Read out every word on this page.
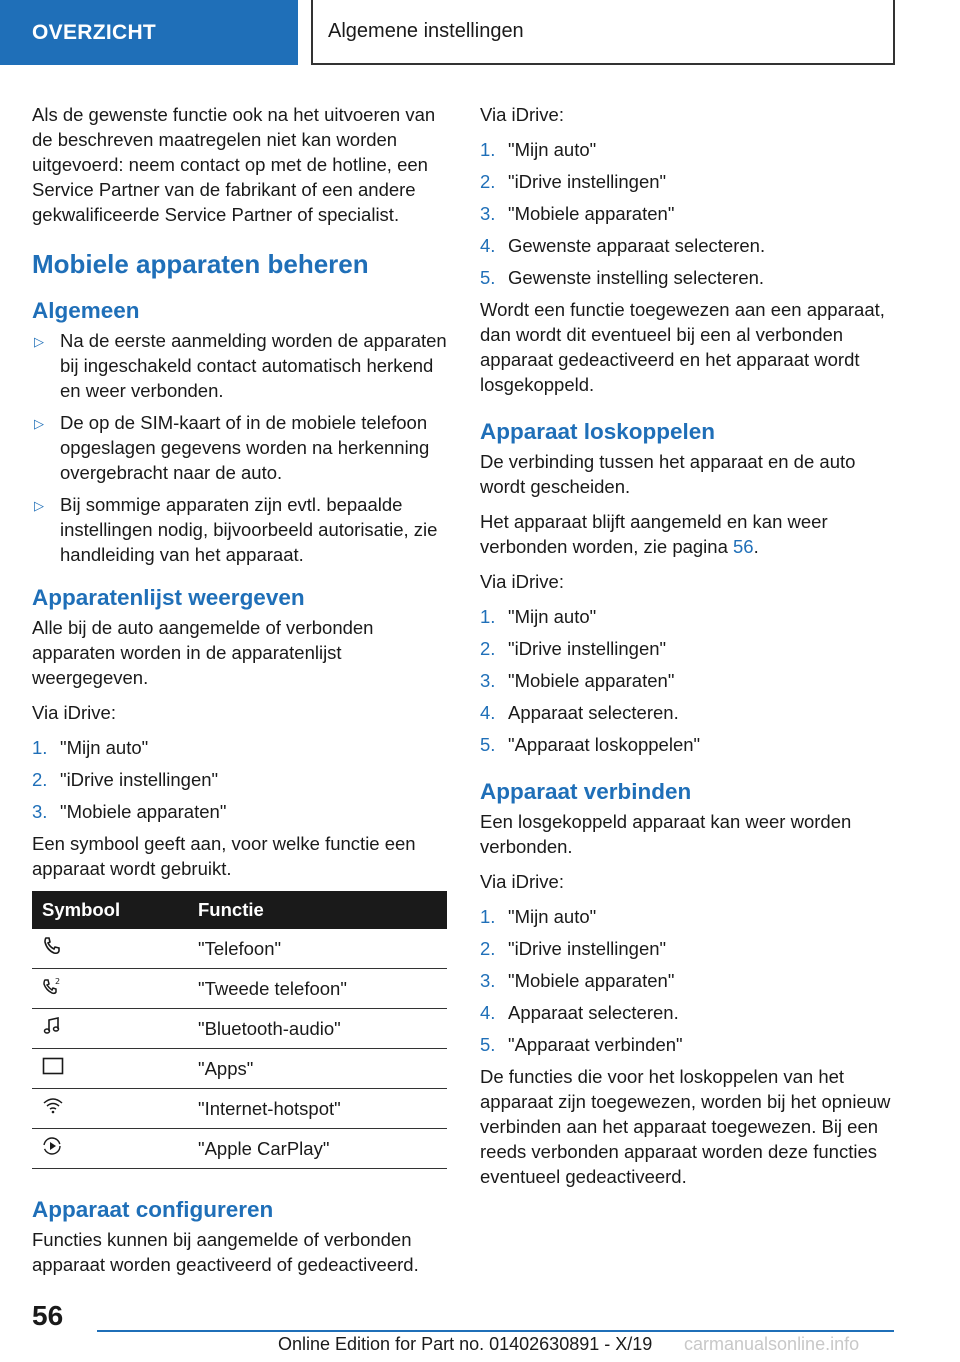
OVERZICHT	Algemene instellingen

Als de gewenste functie ook na het uitvoeren van de beschreven maatregelen niet kan worden uitgevoerd: neem contact op met de hotline, een Service Partner van de fabrikant of een andere gekwalificeerde Service Partner of specialist.

Mobiele apparaten beheren
Algemeen
▷ Na de eerste aanmelding worden de apparaten bij ingeschakeld contact automatisch herkend en weer verbonden.
▷ De op de SIM-kaart of in de mobiele telefoon opgeslagen gegevens worden na herkenning overgebracht naar de auto.
▷ Bij sommige apparaten zijn evtl. bepaalde instellingen nodig, bijvoorbeeld autorisatie, zie handleiding van het apparaat.
Apparatenlijst weergeven

Alle bij de auto aangemelde of verbonden apparaten worden in de apparatenlijst weergegeven.

Via iDrive:

1. "Mijn auto"
2. "iDrive instellingen"
3. "Mobiele apparaten"

Een symbool geeft aan, voor welke functie een apparaat wordt gebruikt.

Symbool	Functie
	"Telefoon"

2	"Tweede telefoon"
	"Bluetooth-audio"
	"Apps"
	"Internet-hotspot"
	"Apple CarPlay"
Apparaat configureren

Functies kunnen bij aangemelde of verbonden apparaat worden geactiveerd of gedeactiveerd.

Via iDrive:

1. "Mijn auto"
2. "iDrive instellingen"
3. "Mobiele apparaten"
4. Gewenste apparaat selecteren.
5. Gewenste instelling selecteren.

Wordt een functie toegewezen aan een apparaat, dan wordt dit eventueel bij een al verbonden apparaat gedeactiveerd en het apparaat wordt losgekoppeld.

Apparaat loskoppelen

De verbinding tussen het apparaat en de auto wordt gescheiden.

Het apparaat blijft aangemeld en kan weer verbonden worden, zie pagina 56.

Via iDrive:

1. "Mijn auto"
2. "iDrive instellingen"
3. "Mobiele apparaten"
4. Apparaat selecteren.
5. "Apparaat loskoppelen"
Apparaat verbinden

Een losgekoppeld apparaat kan weer worden verbonden.

Via iDrive:

1. "Mijn auto"
2. "iDrive instellingen"
3. "Mobiele apparaten"
4. Apparaat selecteren.
5. "Apparaat verbinden"

De functies die voor het loskoppelen van het apparaat zijn toegewezen, worden bij het opnieuw verbinden aan het apparaat toegewezen. Bij een reeds verbonden apparaat worden deze functies eventueel gedeactiveerd.

56
Online Edition for Part no. 01402630891 - X/19 carmanualsonline.info
